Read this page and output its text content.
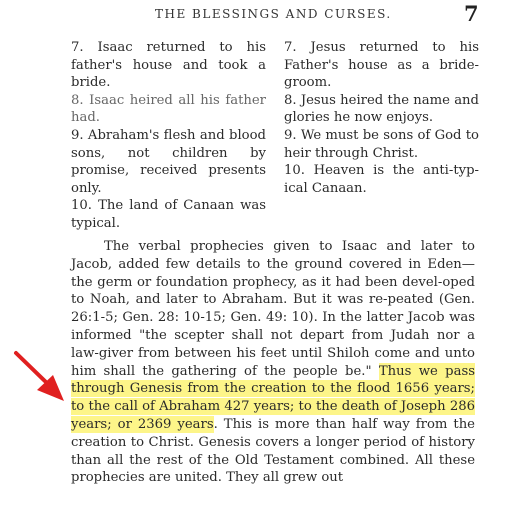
THE BLESSINGS AND CURSES.	7

7. Isaac returned to his father's house and took a bride.

8. Isaac heired all his father had.

9. Abraham's flesh and blood sons, not children by promise, received presents only.

10. The land of Canaan was typical.

7. Jesus returned to his Father's house as a bride-groom.

8. Jesus heired the name and glories he now enjoys.

9. We must be sons of God to heir through Christ.

10. Heaven is the anti-typ-ical Canaan.

The verbal prophecies given to Isaac and later to Jacob, added few details to the ground covered in Eden—the germ or foundation prophecy, as it had been devel-oped to Noah, and later to Abraham. But it was re-peated (Gen. 26:1-5; Gen. 28: 10-15; Gen. 49: 10). In the latter Jacob was informed "the scepter shall not depart from Judah nor a law-giver from between his feet until Shiloh come and unto him shall the gathering of the people be." Thus we pass through Genesis from the creation to the flood 1656 years; to the call of Abraham 427 years; to the death of Joseph 286 years; or 2369 years. This is more than half way from the creation to Christ. Genesis covers a longer period of history than all the rest of the Old Testament combined. All these prophecies are united. They all grew out
